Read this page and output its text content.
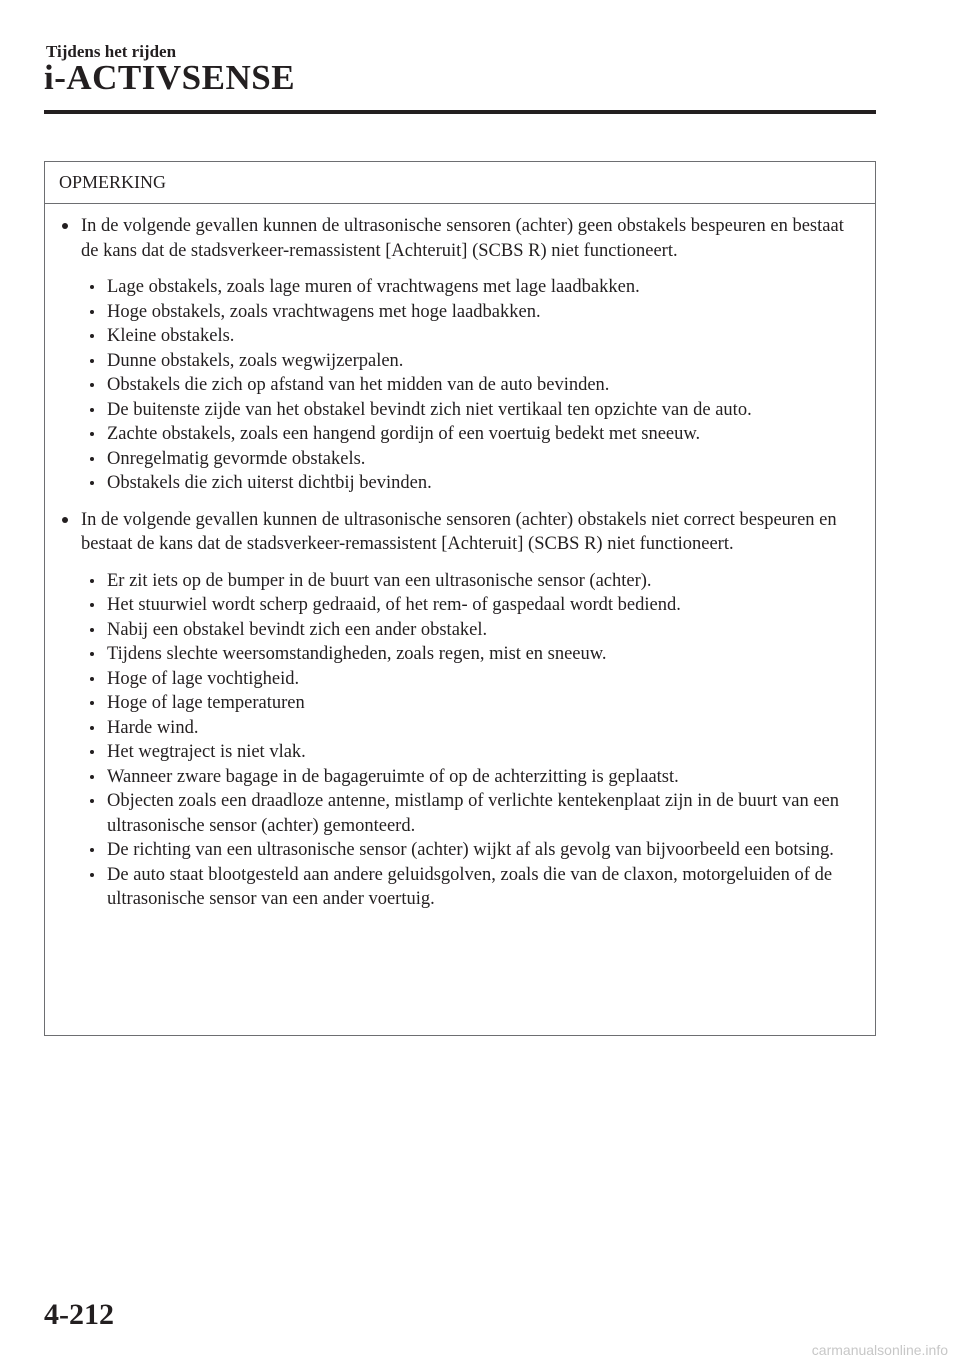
Tijdens het rijden
i-ACTIVSENSE
OPMERKING
In de volgende gevallen kunnen de ultrasonische sensoren (achter) geen obstakels bespeuren en bestaat de kans dat de stadsverkeer-remassistent [Achteruit] (SCBS R) niet functioneert.
Lage obstakels, zoals lage muren of vrachtwagens met lage laadbakken.
Hoge obstakels, zoals vrachtwagens met hoge laadbakken.
Kleine obstakels.
Dunne obstakels, zoals wegwijzerpalen.
Obstakels die zich op afstand van het midden van de auto bevinden.
De buitenste zijde van het obstakel bevindt zich niet vertikaal ten opzichte van de auto.
Zachte obstakels, zoals een hangend gordijn of een voertuig bedekt met sneeuw.
Onregelmatig gevormde obstakels.
Obstakels die zich uiterst dichtbij bevinden.
In de volgende gevallen kunnen de ultrasonische sensoren (achter) obstakels niet correct bespeuren en bestaat de kans dat de stadsverkeer-remassistent [Achteruit] (SCBS R) niet functioneert.
Er zit iets op de bumper in de buurt van een ultrasonische sensor (achter).
Het stuurwiel wordt scherp gedraaid, of het rem- of gaspedaal wordt bediend.
Nabij een obstakel bevindt zich een ander obstakel.
Tijdens slechte weersomstandigheden, zoals regen, mist en sneeuw.
Hoge of lage vochtigheid.
Hoge of lage temperaturen
Harde wind.
Het wegtraject is niet vlak.
Wanneer zware bagage in de bagageruimte of op de achterzitting is geplaatst.
Objecten zoals een draadloze antenne, mistlamp of verlichte kentekenplaat zijn in de buurt van een ultrasonische sensor (achter) gemonteerd.
De richting van een ultrasonische sensor (achter) wijkt af als gevolg van bijvoorbeeld een botsing.
De auto staat blootgesteld aan andere geluidsgolven, zoals die van de claxon, motorgeluiden of de ultrasonische sensor van een ander voertuig.
4-212
carmanualsonline.info
